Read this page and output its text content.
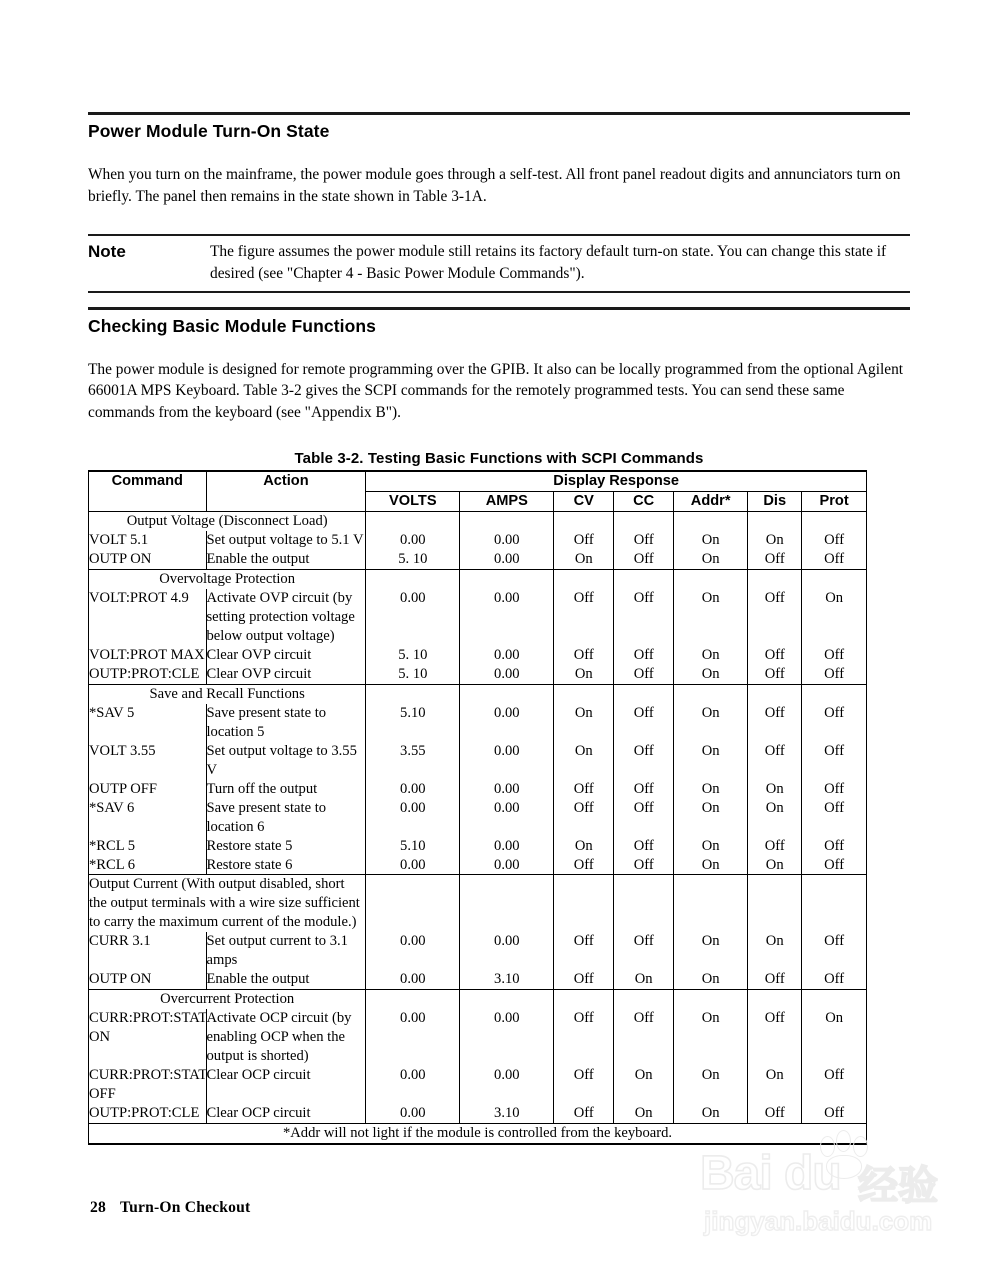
Power Module Turn-On State

When you turn on the mainframe, the power module goes through a self-test. All front panel readout digits and annunciators turn on briefly. The panel then remains in the state shown in Table 3-1A.

Note	The figure assumes the power module still retains its factory default turn-on state. You can change this state if desired (see "Chapter 4 - Basic Power Module Commands").
Checking Basic Module Functions

The power module is designed for remote programming over the GPIB. It also can be locally programmed from the optional Agilent 66001A MPS Keyboard. Table 3-2 gives the SCPI commands for the remotely programmed tests. You can send these same commands from the keyboard (see "Appendix B").

Table 3-2. Testing Basic Functions with SCPI Commands
Command	Action	Display Response						
		VOLTS	AMPS	CV	CC	Addr*	Dis	Prot
Output Voltage (Disconnect Load)								
VOLT 5.1	Set output voltage to 5.1 V	0.00	0.00	Off	Off	On	On	Off
OUTP ON	Enable the output	5. 10	0.00	On	Off	On	Off	Off
Overvoltage Protection								
VOLT:PROT 4.9	Activate OVP circuit (by setting protection voltage below output voltage)	0.00	0.00	Off	Off	On	Off	On
VOLT:PROT MAX	Clear OVP circuit	5. 10	0.00	Off	Off	On	Off	Off
OUTP:PROT:CLE	Clear OVP circuit	5. 10	0.00	On	Off	On	Off	Off
Save and Recall Functions								
*SAV 5	Save present state to location 5	5.10	0.00	On	Off	On	Off	Off
VOLT 3.55	Set output voltage to 3.55 V	3.55	0.00	On	Off	On	Off	Off
OUTP OFF	Turn off the output	0.00	0.00	Off	Off	On	On	Off
*SAV 6	Save present state to location 6	0.00	0.00	Off	Off	On	On	Off
*RCL 5	Restore state 5	5.10	0.00	On	Off	On	Off	Off
*RCL 6	Restore state 6	0.00	0.00	Off	Off	On	On	Off
Output Current (With output disabled, short the output terminals with a wire size sufficient to carry the maximum current of the module.)								
CURR 3.1	Set output current to 3.1 amps	0.00	0.00	Off	Off	On	On	Off
OUTP ON	Enable the output	0.00	3.10	Off	On	On	Off	Off
Overcurrent Protection								
CURR:PROT:STAT ON	Activate OCP circuit (by enabling OCP when the output is shorted)	0.00	0.00	Off	Off	On	Off	On
CURR:PROT:STAT OFF	Clear OCP circuit	0.00	0.00	Off	On	On	On	Off
OUTP:PROT:CLE	Clear OCP circuit	0.00	3.10	Off	On	On	Off	Off
*Addr will not light if the module is controlled from the keyboard.								
28 Turn-On Checkout
Bai du 经验
jingyan.baidu.com
